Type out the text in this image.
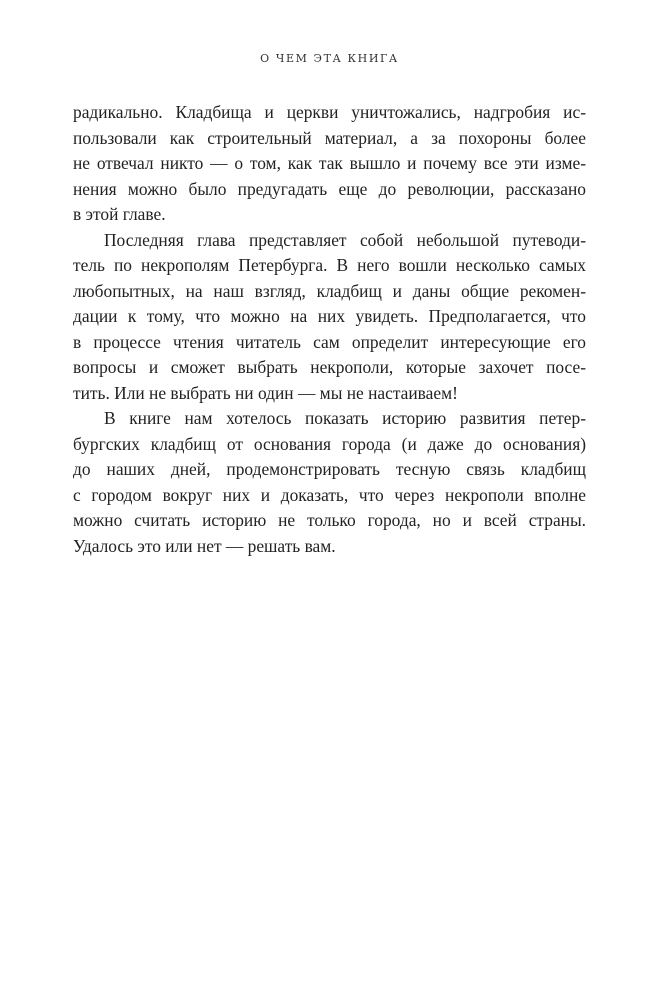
О ЧЕМ ЭТА КНИГА
радикально. Кладбища и церкви уничтожались, надгробия ис-
пользовали как строительный материал, а за похороны более
не отвечал никто — о том, как так вышло и почему все эти изме-
нения можно было предугадать еще до революции, рассказано
в этой главе.
Последняя глава представляет собой небольшой путеводи-
тель по некрополям Петербурга. В него вошли несколько самых
любопытных, на наш взгляд, кладбищ и даны общие рекомен-
дации к тому, что можно на них увидеть. Предполагается, что
в процессе чтения читатель сам определит интересующие его
вопросы и сможет выбрать некрополи, которые захочет посе-
тить. Или не выбрать ни один — мы не настаиваем!
В книге нам хотелось показать историю развития петер-
бургских кладбищ от основания города (и даже до основания)
до наших дней, продемонстрировать тесную связь кладбищ
с городом вокруг них и доказать, что через некрополи вполне
можно считать историю не только города, но и всей страны.
Удалось это или нет — решать вам.
